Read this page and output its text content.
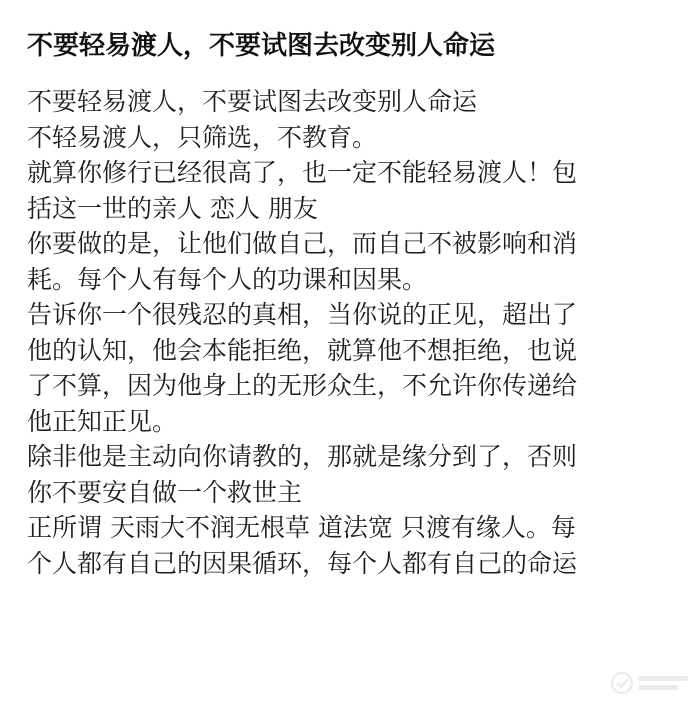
不要轻易渡人，不要试图去改变别人命运
不要轻易渡人，不要试图去改变别人命运
不轻易渡人，只筛选，不教育。
就算你修行已经很高了，也一定不能轻易渡人！包
括这一世的亲人 恋人 朋友
你要做的是，让他们做自己，而自己不被影响和消
耗。每个人有每个人的功课和因果。
告诉你一个很残忍的真相，当你说的正见，超出了
他的认知，他会本能拒绝，就算他不想拒绝，也说
了不算，因为他身上的无形众生，不允许你传递给
他正知正见。
除非他是主动向你请教的，那就是缘分到了，否则
你不要安自做一个救世主
正所谓 天雨大不润无根草 道法宽 只渡有缘人。每
个人都有自己的因果循环，每个人都有自己的命运
